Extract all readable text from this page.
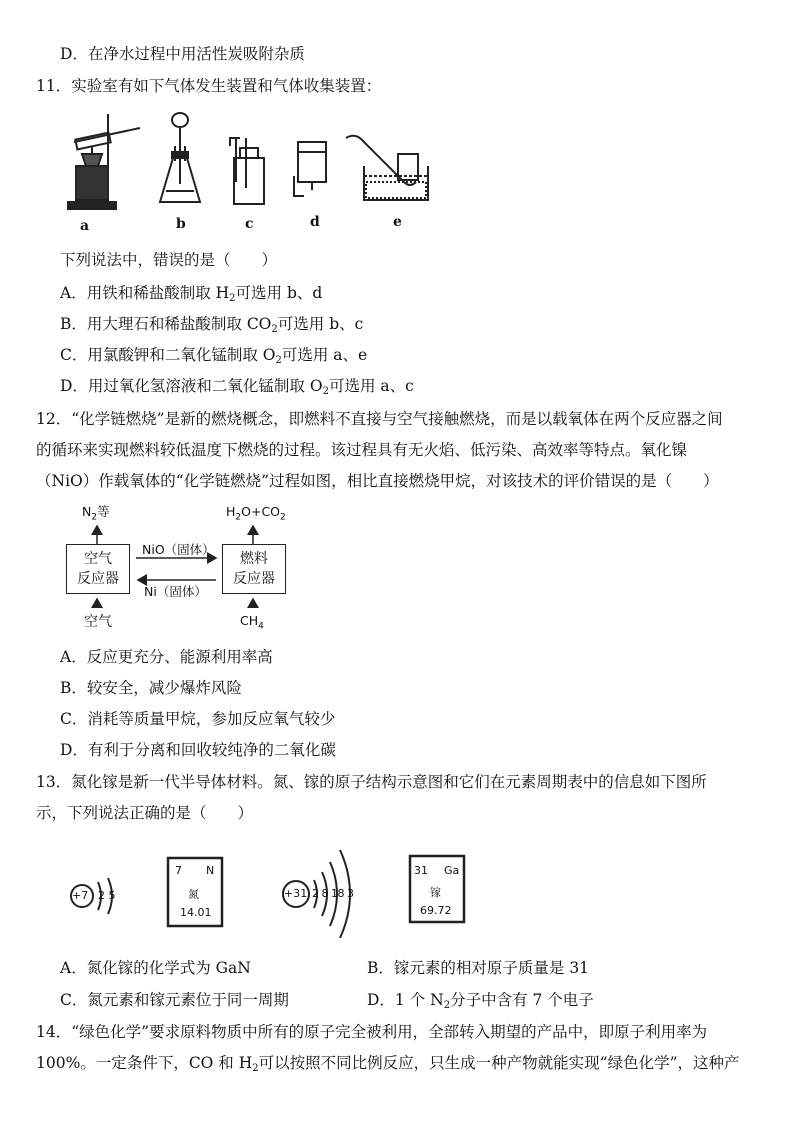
D．在净水过程中用活性炭吸附杂质
11．实验室有如下气体发生装置和气体收集装置：
a	b	c	d	e
下列说法中，错误的是（　　）
A．用铁和稀盐酸制取 $H_2$可选用 b、d
B．用大理石和稀盐酸制取 $CO_2$可选用 b、c
C．用氯酸钾和二氧化锰制取 $O_2$可选用 a、e
D．用过氧化氢溶液和二氧化锰制取 $O_2$可选用 a、c
12．“化学链燃烧”是新的燃烧概念，即燃料不直接与空气接触燃烧，而是以载氧体在两个反应器之间
的循环来实现燃料较低温度下燃烧的过程。该过程具有无火焰、低污染、高效率等特点。氧化镍
（NiO）作载氧体的“化学链燃烧”过程如图，相比直接燃烧甲烷，对该技术的评价错误的是（　　）
$N_2$等	$H_2O+CO_2$
空气
反应器
燃料
反应器
NiO（固体）
Ni（固体）
空气	$CH_4$
A．反应更充分、能源利用率高
B．较安全，减少爆炸风险
C．消耗等质量甲烷，参加反应氧气较少
D．有利于分离和回收较纯净的二氧化碳
13．氮化镓是新一代半导体材料。氮、镓的原子结构示意图和它们在元素周期表中的信息如下图所
示，下列说法正确的是（　　）
+7 2 5
7 N
氮
14.01
+31 2 8 18 3
31 Ga
镓
69.72
A．氮化镓的化学式为 GaN	B．镓元素的相对原子质量是 31
C．氮元素和镓元素位于同一周期	D．1 个 $N_2$分子中含有 7 个电子
14．“绿色化学”要求原料物质中所有的原子完全被利用，全部转入期望的产品中，即原子利用率为
100%。一定条件下，CO 和 $H_2$可以按照不同比例反应，只生成一种产物就能实现“绿色化学”，这种产
